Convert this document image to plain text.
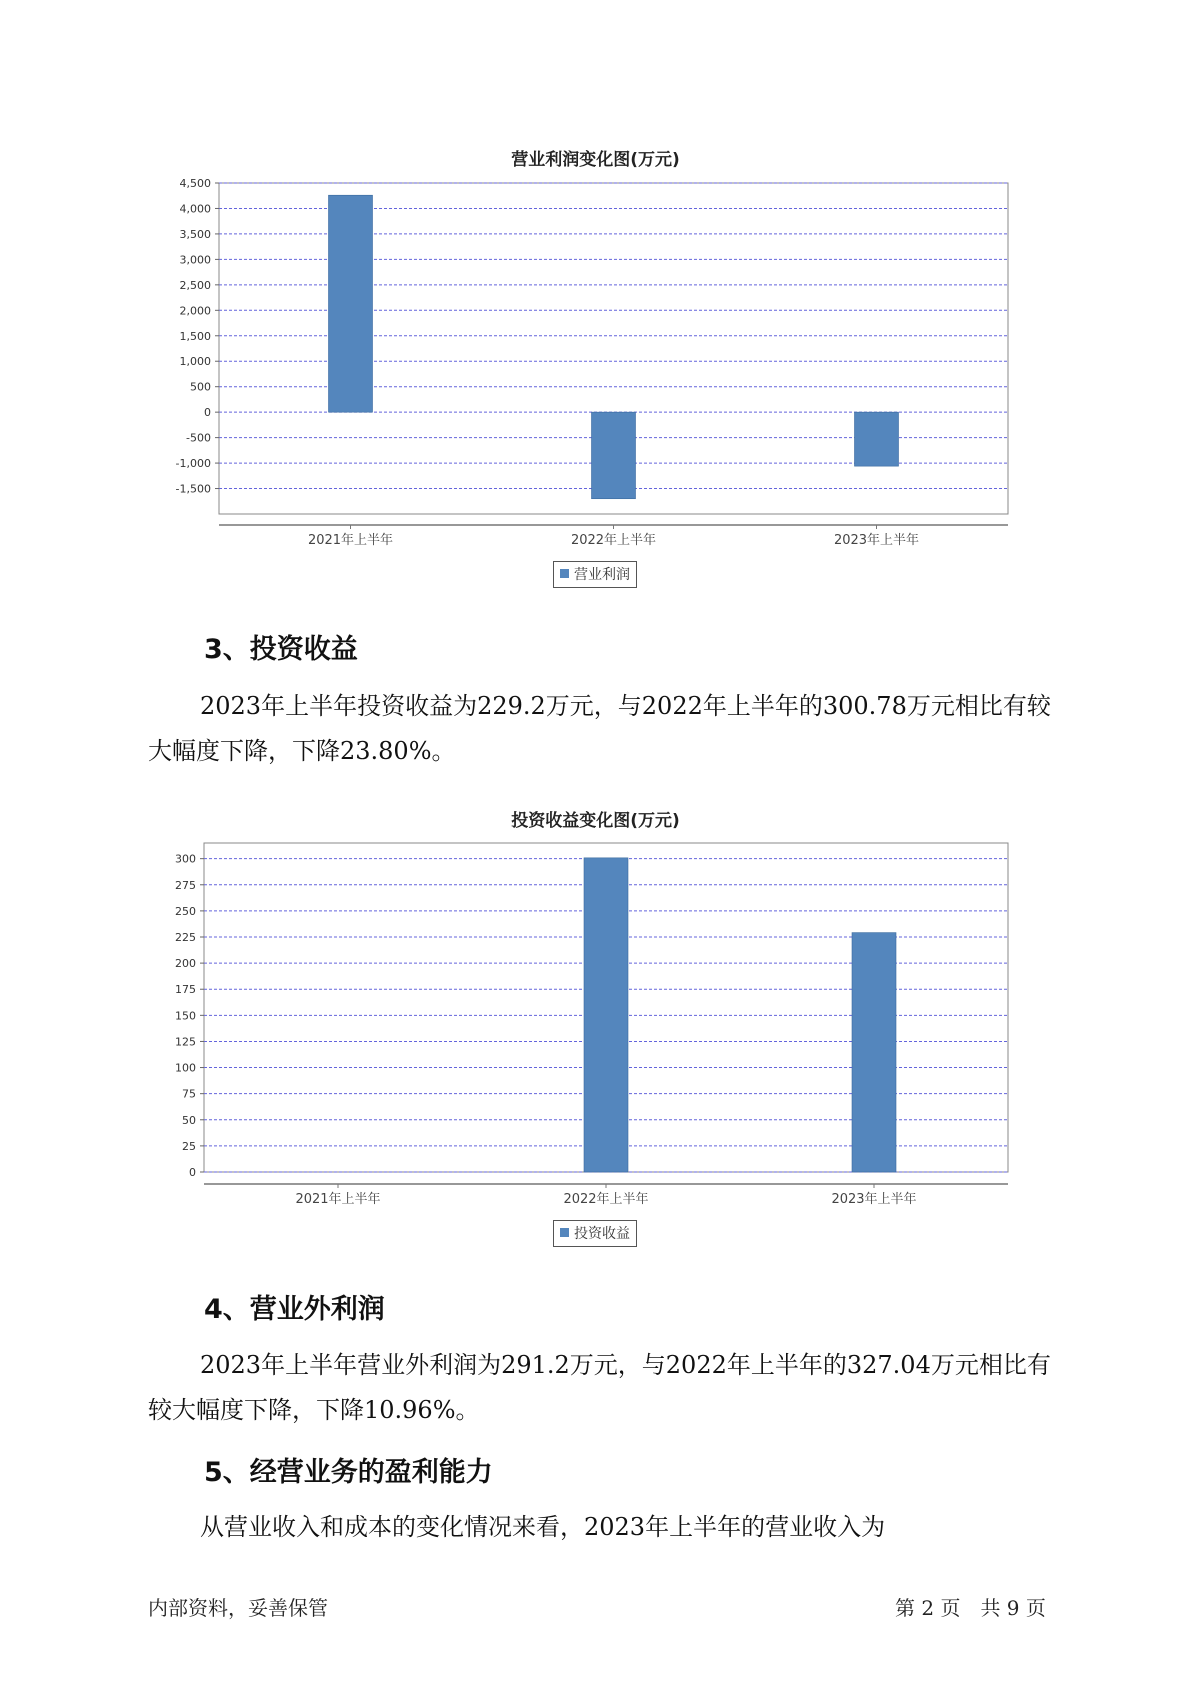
营业利润变化图(万元)
4,500
4,000
3,500
3,000
2,500
2,000
1,500
1,000
500
0
-500
-1,000
-1,500
2021年上半年	2022年上半年	2023年上半年
营业利润
3、投资收益

2023年上半年投资收益为229.2万元，与2022年上半年的300.78万元相比有较大幅度下降，下降23.80%。

投资收益变化图(万元)
300
275
250
225
200
175
150
125
100
75
50
25
0
2021年上半年	2022年上半年	2023年上半年
投资收益
4、营业外利润

2023年上半年营业外利润为291.2万元，与2022年上半年的327.04万元相比有较大幅度下降，下降10.96%。

5、经营业务的盈利能力

从营业收入和成本的变化情况来看，2023年上半年的营业收入为

内部资料，妥善保管	第 2 页　共 9 页
